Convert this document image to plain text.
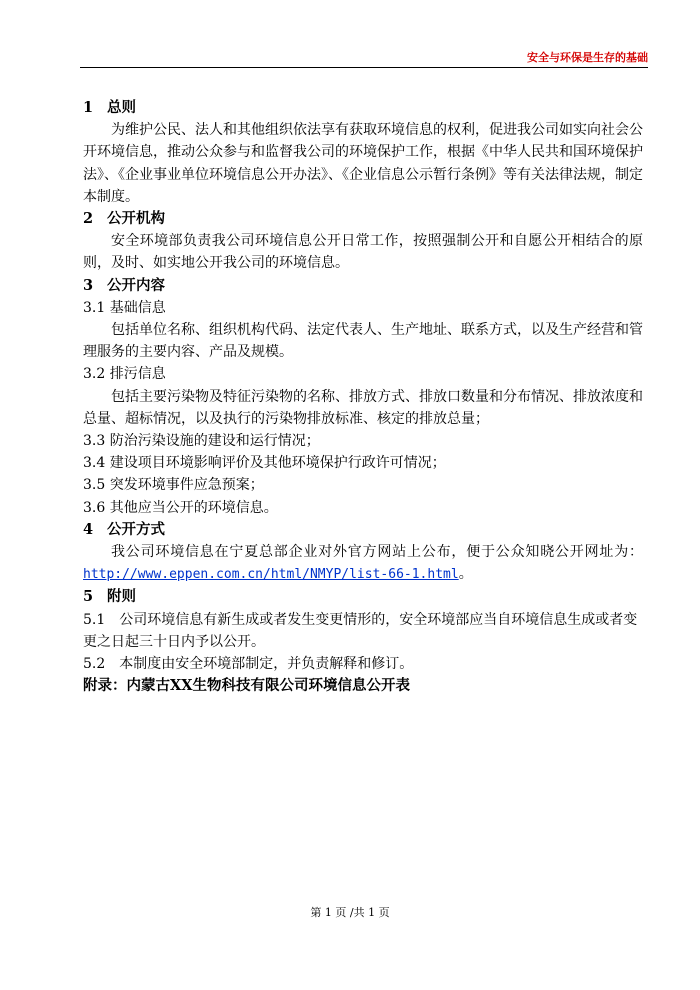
安全与环保是生存的基础

1 总则

为维护公民、法人和其他组织依法享有获取环境信息的权利，促进我公司如实向社会公开环境信息，推动公众参与和监督我公司的环境保护工作，根据《中华人民共和国环境保护法》、《企业事业单位环境信息公开办法》、《企业信息公示暂行条例》等有关法律法规，制定本制度。

2 公开机构

安全环境部负责我公司环境信息公开日常工作，按照强制公开和自愿公开相结合的原则，及时、如实地公开我公司的环境信息。

3 公开内容

3.1 基础信息

包括单位名称、组织机构代码、法定代表人、生产地址、联系方式，以及生产经营和管理服务的主要内容、产品及规模。

3.2 排污信息

包括主要污染物及特征污染物的名称、排放方式、排放口数量和分布情况、排放浓度和总量、超标情况，以及执行的污染物排放标准、核定的排放总量；

3.3 防治污染设施的建设和运行情况；

3.4 建设项目环境影响评价及其他环境保护行政许可情况；

3.5 突发环境事件应急预案；

3.6 其他应当公开的环境信息。

4 公开方式

我公司环境信息在宁夏总部企业对外官方网站上公布，便于公众知晓公开网址为：http://www.eppen.com.cn/html/NMYP/list-66-1.html。

5 附则

5.1　公司环境信息有新生成或者发生变更情形的，安全环境部应当自环境信息生成或者变更之日起三十日内予以公开。

5.2　本制度由安全环境部制定，并负责解释和修订。

附录：内蒙古XX生物科技有限公司环境信息公开表

第 1 页 /共 1 页
